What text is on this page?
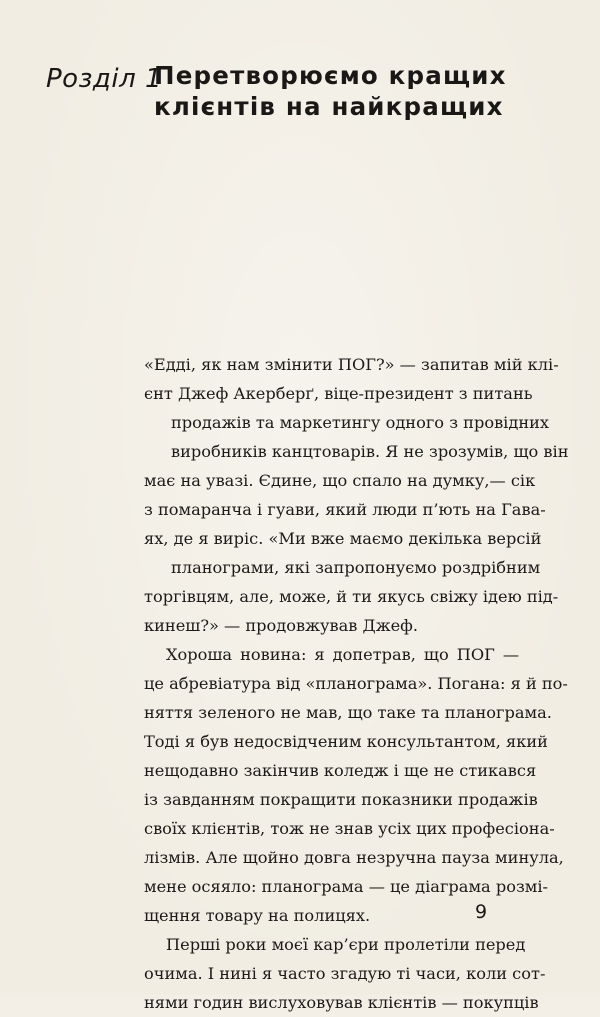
Розділ 1
Перетворюємо кращих
клієнтів на найкращих
«Едді, як нам змінити ПОГ?» — запитав мій клі-
єнт Джеф Акерберґ, віце-президент з питань
продажів та маркетингу одного з провідних
виробників канцтоварів. Я не зрозумів, що він
має на увазі. Єдине, що спало на думку,— сік
з помаранча і гуави, який люди п’ють на Гава-
ях, де я виріс. «Ми вже маємо декілька версій
планограми, які запропонуємо роздрібним
торгівцям, але, може, й ти якусь свіжу ідею під-
кинеш?» — продовжував Джеф.
Хороша новина: я допетрав, що ПОГ —
це абревіатура від «планограма». Погана: я й по-
няття зеленого не мав, що таке та планограма.
Тоді я був недосвідченим консультантом, який
нещодавно закінчив коледж і ще не стикався
із завданням покращити показники продажів
своїх клієнтів, тож не знав усіх цих професіона-
лізмів. Але щойно довга незручна пауза минула,
мене осяяло: планограма — це діаграма розмі-
щення товару на полицях.
Перші роки моєї кар’єри пролетіли перед
очима. І нині я часто згадую ті часи, коли сот-
нями годин вислуховував клієнтів — покупців
9
